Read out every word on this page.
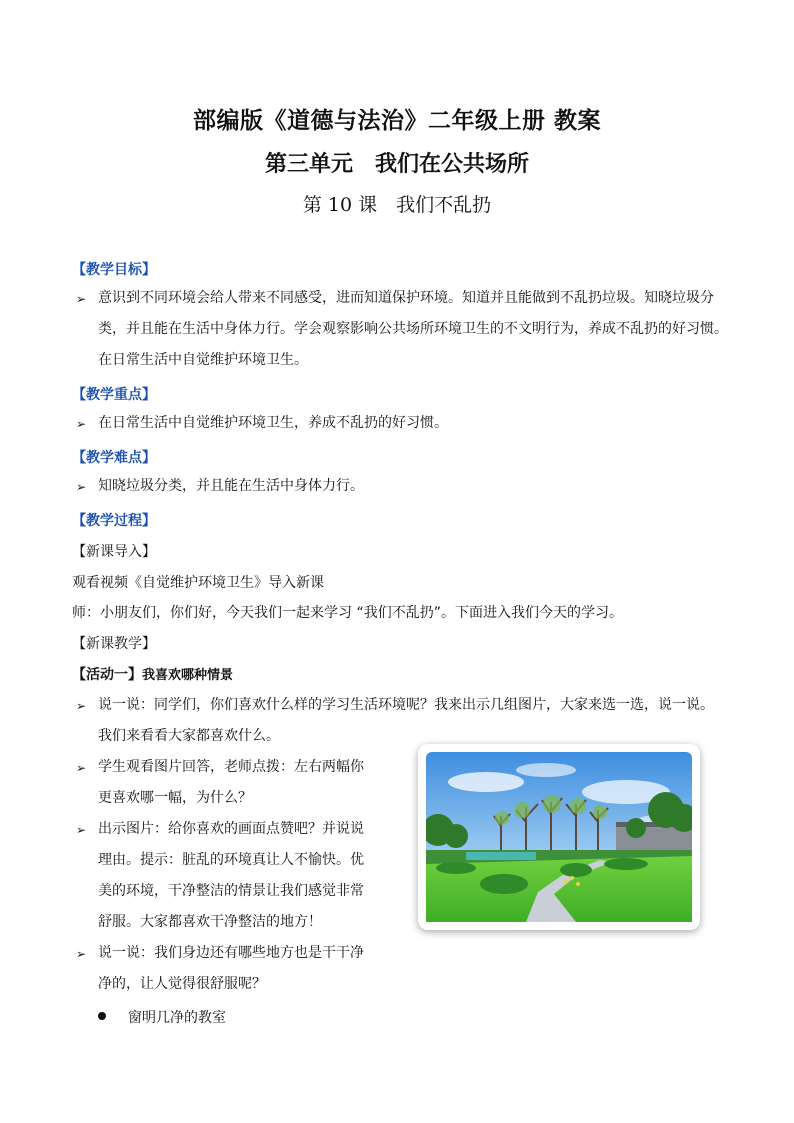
部编版《道德与法治》二年级上册 教案
第三单元　我们在公共场所
第 10 课　我们不乱扔
【教学目标】
➢ 意识到不同环境会给人带来不同感受，进而知道保护环境。知道并且能做到不乱扔垃圾。知晓垃圾分
类，并且能在生活中身体力行。学会观察影响公共场所环境卫生的不文明行为，养成不乱扔的好习惯。
在日常生活中自觉维护环境卫生。
【教学重点】
➢ 在日常生活中自觉维护环境卫生，养成不乱扔的好习惯。
【教学难点】
➢ 知晓垃圾分类，并且能在生活中身体力行。
【教学过程】
【新课导入】
观看视频《自觉维护环境卫生》导入新课
师：小朋友们，你们好，今天我们一起来学习 “我们不乱扔”。下面进入我们今天的学习。
【新课教学】
【活动一】我喜欢哪种情景
➢ 说一说：同学们，你们喜欢什么样的学习生活环境呢？我来出示几组图片，大家来选一选，说一说。
我们来看看大家都喜欢什么。
➢ 学生观看图片回答，老师点拨：左右两幅你
更喜欢哪一幅，为什么？
➢ 出示图片：给你喜欢的画面点赞吧？并说说
理由。提示：脏乱的环境真让人不愉快。优
美的环境，干净整洁的情景让我们感觉非常
舒服。大家都喜欢干净整洁的地方！
➢ 说一说：我们身边还有哪些地方也是干干净
净的，让人觉得很舒服呢？
窗明几净的教室
